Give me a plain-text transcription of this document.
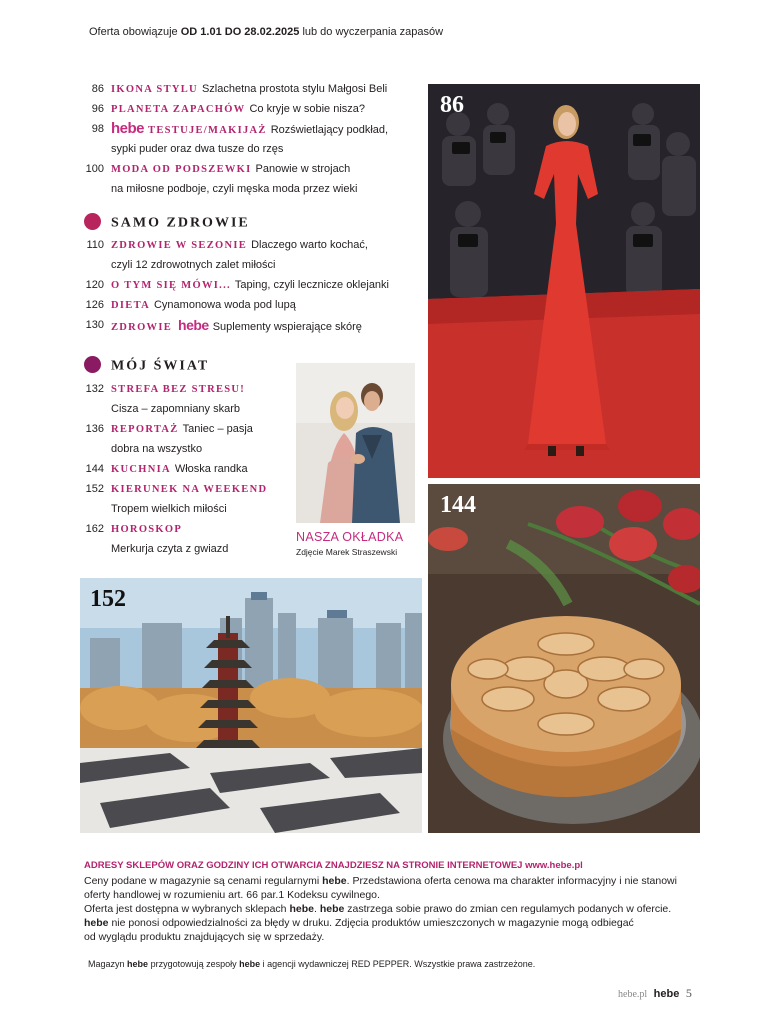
Oferta obowiązuje OD 1.01 DO 28.02.2025 lub do wyczerpania zapasów
86 IKONA STYLU Szlachetna prostota stylu Małgosi Beli
96 PLANETA ZAPACHÓW Co kryje w sobie nisza?
98 hebe TESTUJE/MAKIJAŻ Rozświetlający podkład,
sypki puder oraz dwa tusze do rzęs
100 MODA OD PODSZEWKI Panowie w strojach
na miłosne podboje, czyli męska moda przez wieki
SAMO ZDROWIE
110 ZDROWIE W SEZONIE Dlaczego warto kochać,
czyli 12 zdrowotnych zalet miłości
120 O TYM SIĘ MÓWI... Taping, czyli lecznicze oklejanki
126 DIETA Cynamonowa woda pod lupą
130 ZDROWIE hebe Suplementy wspierające skórę
MÓJ ŚWIAT
132 STREFA BEZ STRESU!
Cisza – zapomniany skarb
136 REPORTAŻ Taniec – pasja
dobra na wszystko
144 KUCHNIA Włoska randka
152 KIERUNEK NA WEEKEND
Tropem wielkich miłości
162 HOROSKOP
Merkurja czyta z gwiazd
NASZA OKŁADKA
Zdjęcie Marek Straszewski
86
144
152
ADRESY SKLEPÓW ORAZ GODZINY ICH OTWARCIA ZNAJDZIESZ NA STRONIE INTERNETOWEJ www.hebe.pl
Ceny podane w magazynie są cenami regularnymi hebe. Przedstawiona oferta cenowa ma charakter informacyjny i nie stanowi
oferty handlowej w rozumieniu art. 66 par.1 Kodeksu cywilnego.
Oferta jest dostępna w wybranych sklepach hebe. hebe zastrzega sobie prawo do zmian cen regulamych podanych w ofercie.
hebe nie ponosi odpowiedzialności za błędy w druku. Zdjęcia produktów umieszczonych w magazynie mogą odbiegać
od wyglądu produktu znajdujących się w sprzedaży.
Magazyn hebe przygotowują zespoły hebe i agencji wydawniczej RED PEPPER. Wszystkie prawa zastrzeżone.
hebe.pl hebe 5
